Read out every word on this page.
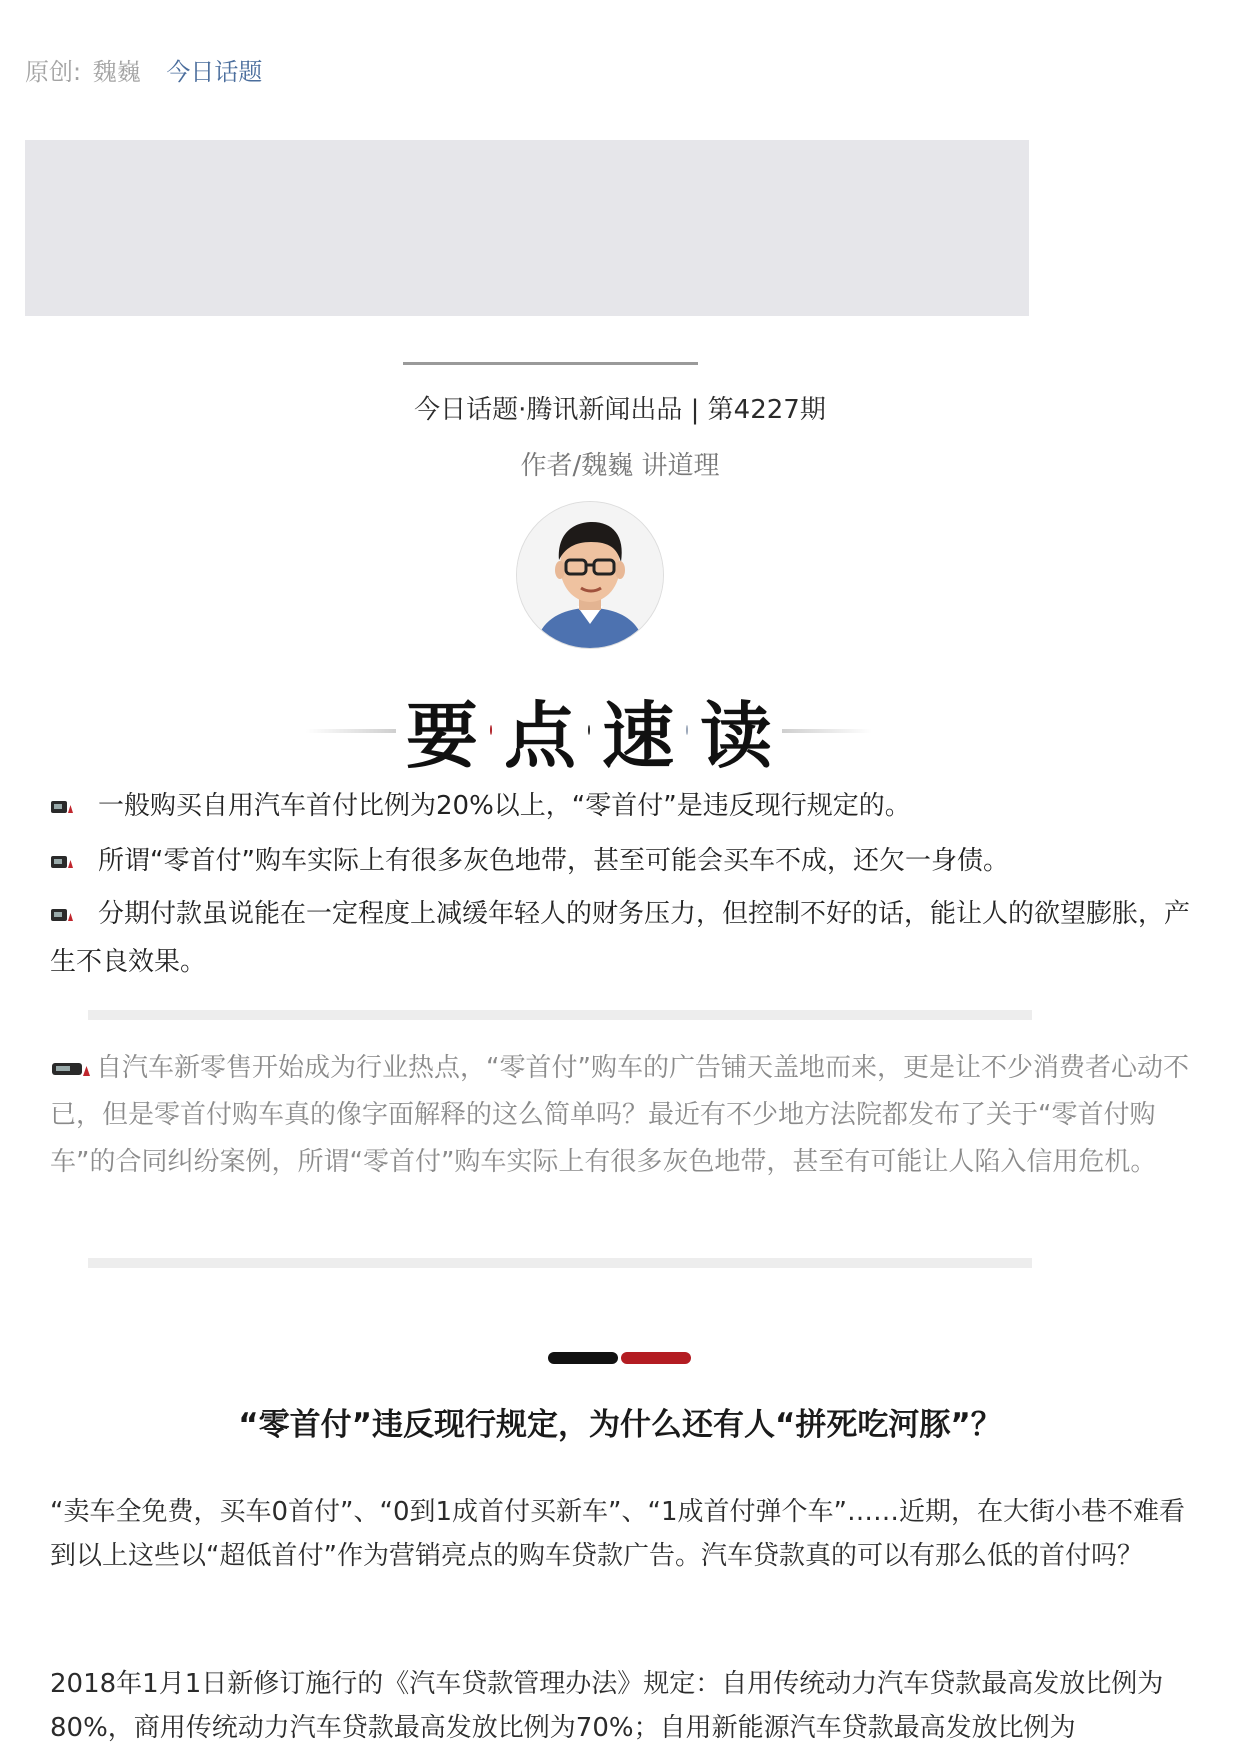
原创: 魏巍 今日话题
今日话题·腾讯新闻出品 | 第4227期
作者/魏巍 讲道理
要 点 速 读
一般购买自用汽车首付比例为20%以上，“零首付”是违反现行规定的。
所谓“零首付”购车实际上有很多灰色地带，甚至可能会买车不成，还欠一身债。
分期付款虽说能在一定程度上减缓年轻人的财务压力，但控制不好的话，能让人的欲望膨胀，产生不良效果。
自汽车新零售开始成为行业热点，“零首付”购车的广告铺天盖地而来，更是让不少消费者心动不已，但是零首付购车真的像字面解释的这么简单吗？最近有不少地方法院都发布了关于“零首付购车”的合同纠纷案例，所谓“零首付”购车实际上有很多灰色地带，甚至有可能让人陷入信用危机。
“零首付”违反现行规定，为什么还有人“拼死吃河豚”？
“卖车全免费，买车0首付”、“0到1成首付买新车”、“1成首付弹个车”……近期，在大街小巷不难看到以上这些以“超低首付”作为营销亮点的购车贷款广告。汽车贷款真的可以有那么低的首付吗？
2018年1月1日新修订施行的《汽车贷款管理办法》规定：自用传统动力汽车贷款最高发放比例为80%，商用传统动力汽车贷款最高发放比例为70%；自用新能源汽车贷款最高发放比例为
